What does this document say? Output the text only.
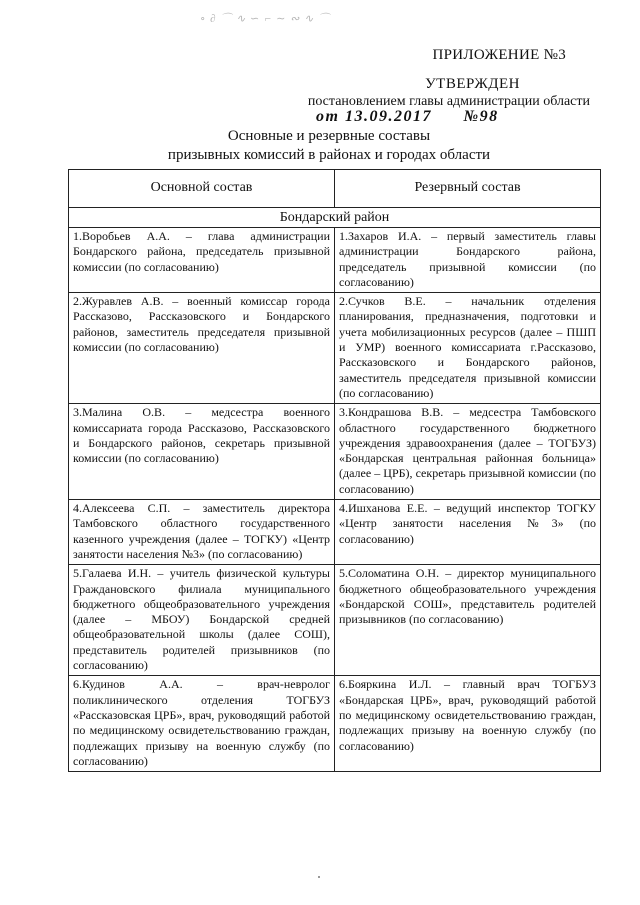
∘ ∂ ⌒ ∿ ∽ ⌐ ∼ ∾ ∿ ⌒
ПРИЛОЖЕНИЕ №3
УТВЕРЖДЕН
постановлением главы администрации области
от 13.09.2017 №98
Основные и резервные составы
призывных комиссий в районах и городах области
Основной состав	Резервный состав
Бондарский район	
1.Воробьев А.А. – глава администрации Бондарского района, председатель призывной комиссии (по согласованию)	1.Захаров И.А. – первый заместитель главы администрации Бондарского района, председатель призывной комиссии (по согласованию)
2.Журавлев А.В. – военный комиссар города Рассказово, Рассказовского и Бондарского районов, заместитель председателя призывной комиссии (по согласованию)	2.Сучков В.Е. – начальник отделения планирования, предназначения, подготовки и учета мобилизационных ресурсов (далее – ПШП и УМР) военного комиссариата г.Рассказово, Рассказовского и Бондарского районов, заместитель председателя призывной комиссии (по согласованию)
3.Малина О.В. – медсестра военного комиссариата города Рассказово, Рассказовского и Бондарского районов, секретарь призывной комиссии (по согласованию)	3.Кондрашова В.В. – медсестра Тамбовского областного государственного бюджетного учреждения здравоохранения (далее – ТОГБУЗ) «Бондарская центральная районная больница» (далее – ЦРБ), секретарь призывной комиссии (по согласованию)
4.Алексеева С.П. – заместитель директора Тамбовского областного государственного казенного учреждения (далее – ТОГКУ) «Центр занятости населения №3» (по согласованию)	4.Ишханова Е.Е. – ведущий инспектор ТОГКУ «Центр занятости населения №3» (по согласованию)
5.Галаева И.Н. – учитель физической культуры Граждановского филиала муниципального бюджетного общеобразовательного учреждения (далее – МБОУ) Бондарской средней общеобразовательной школы (далее СОШ), представитель родителей призывников (по согласованию)	5.Соломатина О.Н. – директор муниципального бюджетного общеобразовательного учреждения «Бондарской СОШ», представитель родителей призывников (по согласованию)
6.Кудинов А.А. – врач-невролог поликлинического отделения ТОГБУЗ «Рассказовская ЦРБ», врач, руководящий работой по медицинскому освидетельствованию граждан, подлежащих призыву на военную службу (по согласованию)	6.Бояркина И.Л. – главный врач ТОГБУЗ «Бондарская ЦРБ», врач, руководящий работой по медицинскому освидетельствованию граждан, подлежащих призыву на военную службу (по согласованию)
